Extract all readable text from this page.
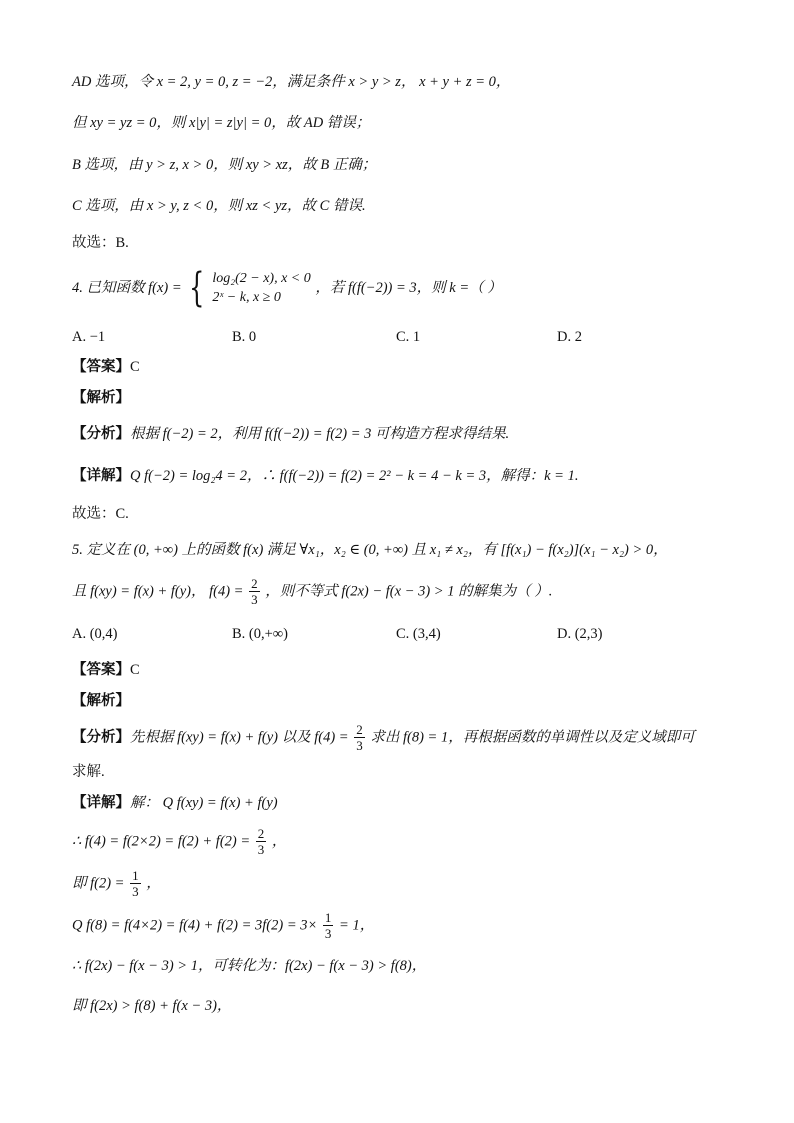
AD 选项，令 x = 2, y = 0, z = −2，满足条件 x > y > z， x + y + z = 0，
但 xy = yz = 0，则 x|y| = z|y| = 0，故 AD 错误；
B 选项，由 y > z, x > 0，则 xy > xz，故 B 正确；
C 选项，由 x > y, z < 0，则 xz < yz，故 C 错误.
故选：B.
4. 已知函数 f(x) = { log₂(2 − x), x < 0
2ˣ − k, x ≥ 0
，若 f(f(−2)) = 3，则 k =（ ）
A. −1	B. 0	C. 1	D. 2
【答案】C
【解析】
【分析】根据 f(−2) = 2，利用 f(f(−2)) = f(2) = 3 可构造方程求得结果.
【详解】Q f(−2) = log₂4 = 2，∴ f(f(−2)) = f(2) = 2² − k = 4 − k = 3，解得：k = 1.
故选：C.
5. 定义在 (0, +∞) 上的函数 f(x) 满足 ∀x₁，x₂ ∈ (0, +∞) 且 x₁ ≠ x₂，有 [f(x₁) − f(x₂)](x₁ − x₂) > 0，
且 f(xy) = f(x) + f(y)， $f(4) = \frac{2}{3}$ ，则不等式 f(2x) − f(x − 3) > 1 的解集为（ ）.
A. (0,4)	B. (0,+∞)	C. (3,4)	D. (2,3)
【答案】C
【解析】
【分析】先根据 f(xy) = f(x) + f(y) 以及 $f(4) = \frac{2}{3}$ 求出 f(8) = 1，再根据函数的单调性以及定义域即可
求解.
【详解】解： Q f(xy) = f(x) + f(y)
∴ $f(4) = f(2\times 2) = f(2) + f(2) = \frac{2}{3}$ ，
即 $f(2) = \frac{1}{3}$ ，
Q $f(8) = f(4\times 2) = f(4) + f(2) = 3f(2) = 3\times \frac{1}{3} = 1$，
∴ f(2x) − f(x − 3) > 1，可转化为：f(2x) − f(x − 3) > f(8)，
即 f(2x) > f(8) + f(x − 3)，
